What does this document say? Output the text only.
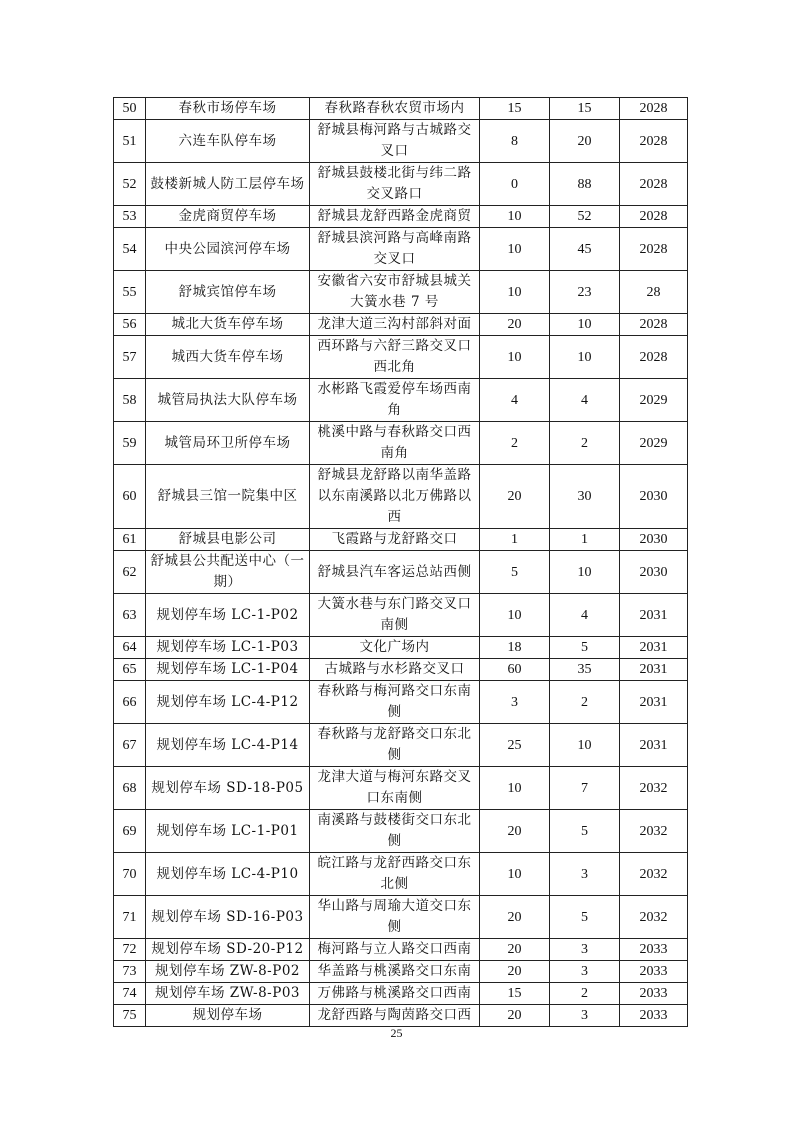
50	春秋市场停车场	春秋路春秋农贸市场内	15	15	2028
51	六连车队停车场	舒城县梅河路与古城路交叉口	8	20	2028
52	鼓楼新城人防工层停车场	舒城县鼓楼北街与纬二路交叉路口	0	88	2028
53	金虎商贸停车场	舒城县龙舒西路金虎商贸	10	52	2028
54	中央公园滨河停车场	舒城县滨河路与高峰南路交叉口	10	45	2028
55	舒城宾馆停车场	安徽省六安市舒城县城关大簧水巷 7 号	10	23	28
56	城北大货车停车场	龙津大道三沟村部斜对面	20	10	2028
57	城西大货车停车场	西环路与六舒三路交叉口西北角	10	10	2028
58	城管局执法大队停车场	水彬路飞霞爱停车场西南角	4	4	2029
59	城管局环卫所停车场	桃溪中路与春秋路交口西南角	2	2	2029
60	舒城县三馆一院集中区	舒城县龙舒路以南华盖路以东南溪路以北万佛路以西	20	30	2030
61	舒城县电影公司	飞霞路与龙舒路交口	1	1	2030
62	舒城县公共配送中心（一期）	舒城县汽车客运总站西侧	5	10	2030
63	规划停车场 LC-1-P02	大簧水巷与东门路交叉口南侧	10	4	2031
64	规划停车场 LC-1-P03	文化广场内	18	5	2031
65	规划停车场 LC-1-P04	古城路与水杉路交叉口	60	35	2031
66	规划停车场 LC-4-P12	春秋路与梅河路交口东南侧	3	2	2031
67	规划停车场 LC-4-P14	春秋路与龙舒路交口东北侧	25	10	2031
68	规划停车场 SD-18-P05	龙津大道与梅河东路交叉口东南侧	10	7	2032
69	规划停车场 LC-1-P01	南溪路与鼓楼街交口东北侧	20	5	2032
70	规划停车场 LC-4-P10	皖江路与龙舒西路交口东北侧	10	3	2032
71	规划停车场 SD-16-P03	华山路与周瑜大道交口东侧	20	5	2032
72	规划停车场 SD-20-P12	梅河路与立人路交口西南	20	3	2033
73	规划停车场 ZW-8-P02	华盖路与桃溪路交口东南	20	3	2033
74	规划停车场 ZW-8-P03	万佛路与桃溪路交口西南	15	2	2033
75	规划停车场	龙舒西路与陶茵路交口西	20	3	2033
25
